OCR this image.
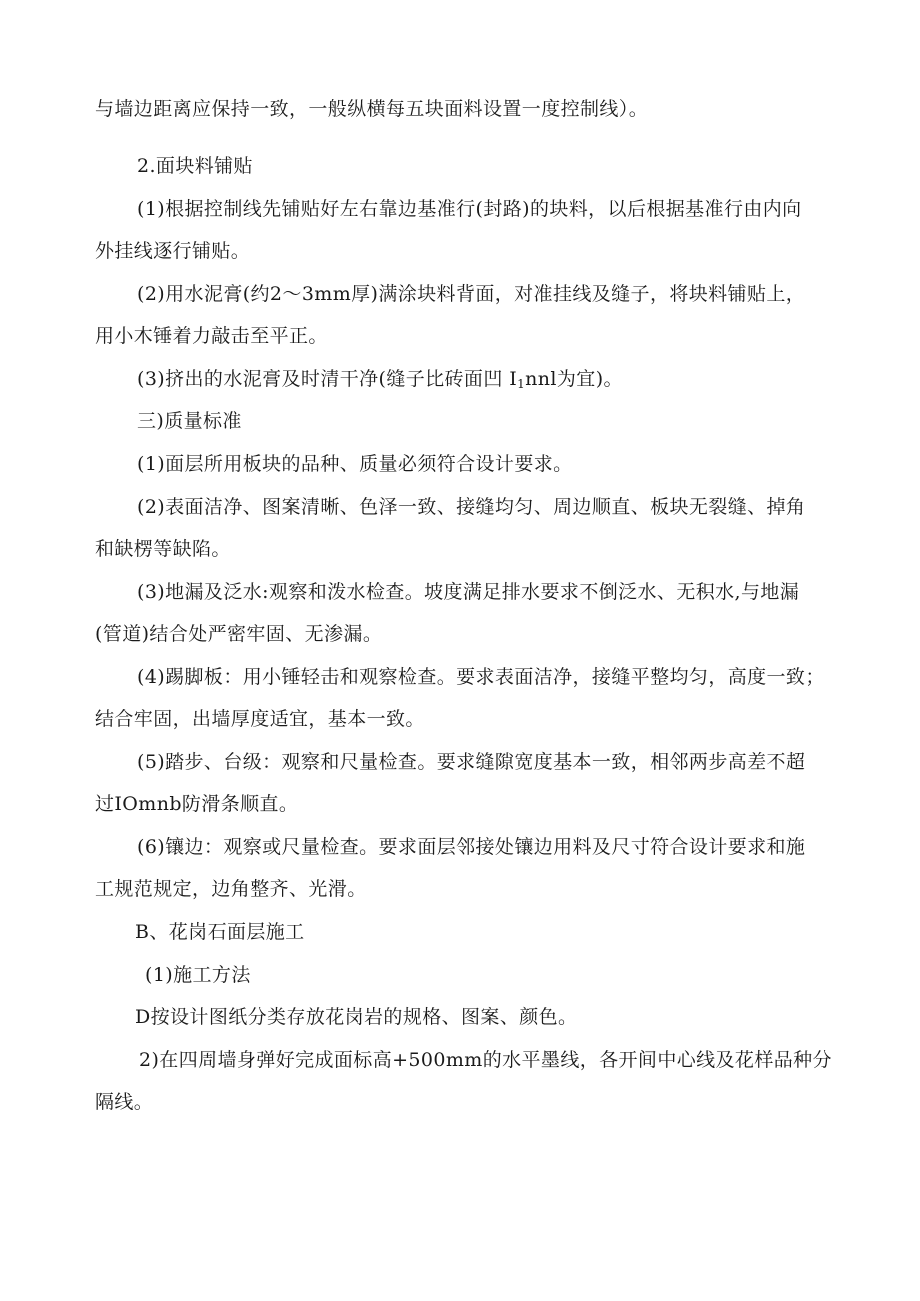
与墙边距离应保持一致，一般纵横每五块面料设置一度控制线）。
2.面块料铺贴
(1)根据控制线先铺贴好左右靠边基准行(封路)的块料，以后根据基准行由内向
外挂线逐行铺贴。
(2)用水泥膏(约2～3mm厚)满涂块料背面，对准挂线及缝子，将块料铺贴上，
用小木锤着力敲击至平正。
(3)挤出的水泥膏及时清干净(缝子比砖面凹 $I_1nnl$为宜)。
三)质量标准
(1)面层所用板块的品种、质量必须符合设计要求。
(2)表面洁净、图案清晰、色泽一致、接缝均匀、周边顺直、板块无裂缝、掉角
和缺楞等缺陷。
(3)地漏及泛水:观察和泼水检查。坡度满足排水要求不倒泛水、无积水,与地漏
(管道)结合处严密牢固、无渗漏。
(4)踢脚板：用小锤轻击和观察检查。要求表面洁净，接缝平整均匀，高度一致；
结合牢固，出墙厚度适宜，基本一致。
(5)踏步、台级：观察和尺量检查。要求缝隙宽度基本一致，相邻两步高差不超
过IOmnb防滑条顺直。
(6)镶边：观察或尺量检查。要求面层邻接处镶边用料及尺寸符合设计要求和施
工规范规定，边角整齐、光滑。
B、花岗石面层施工
(1)施工方法
D按设计图纸分类存放花岗岩的规格、图案、颜色。
2)在四周墙身弹好完成面标高+500mm的水平墨线，各开间中心线及花样品种分
隔线。
